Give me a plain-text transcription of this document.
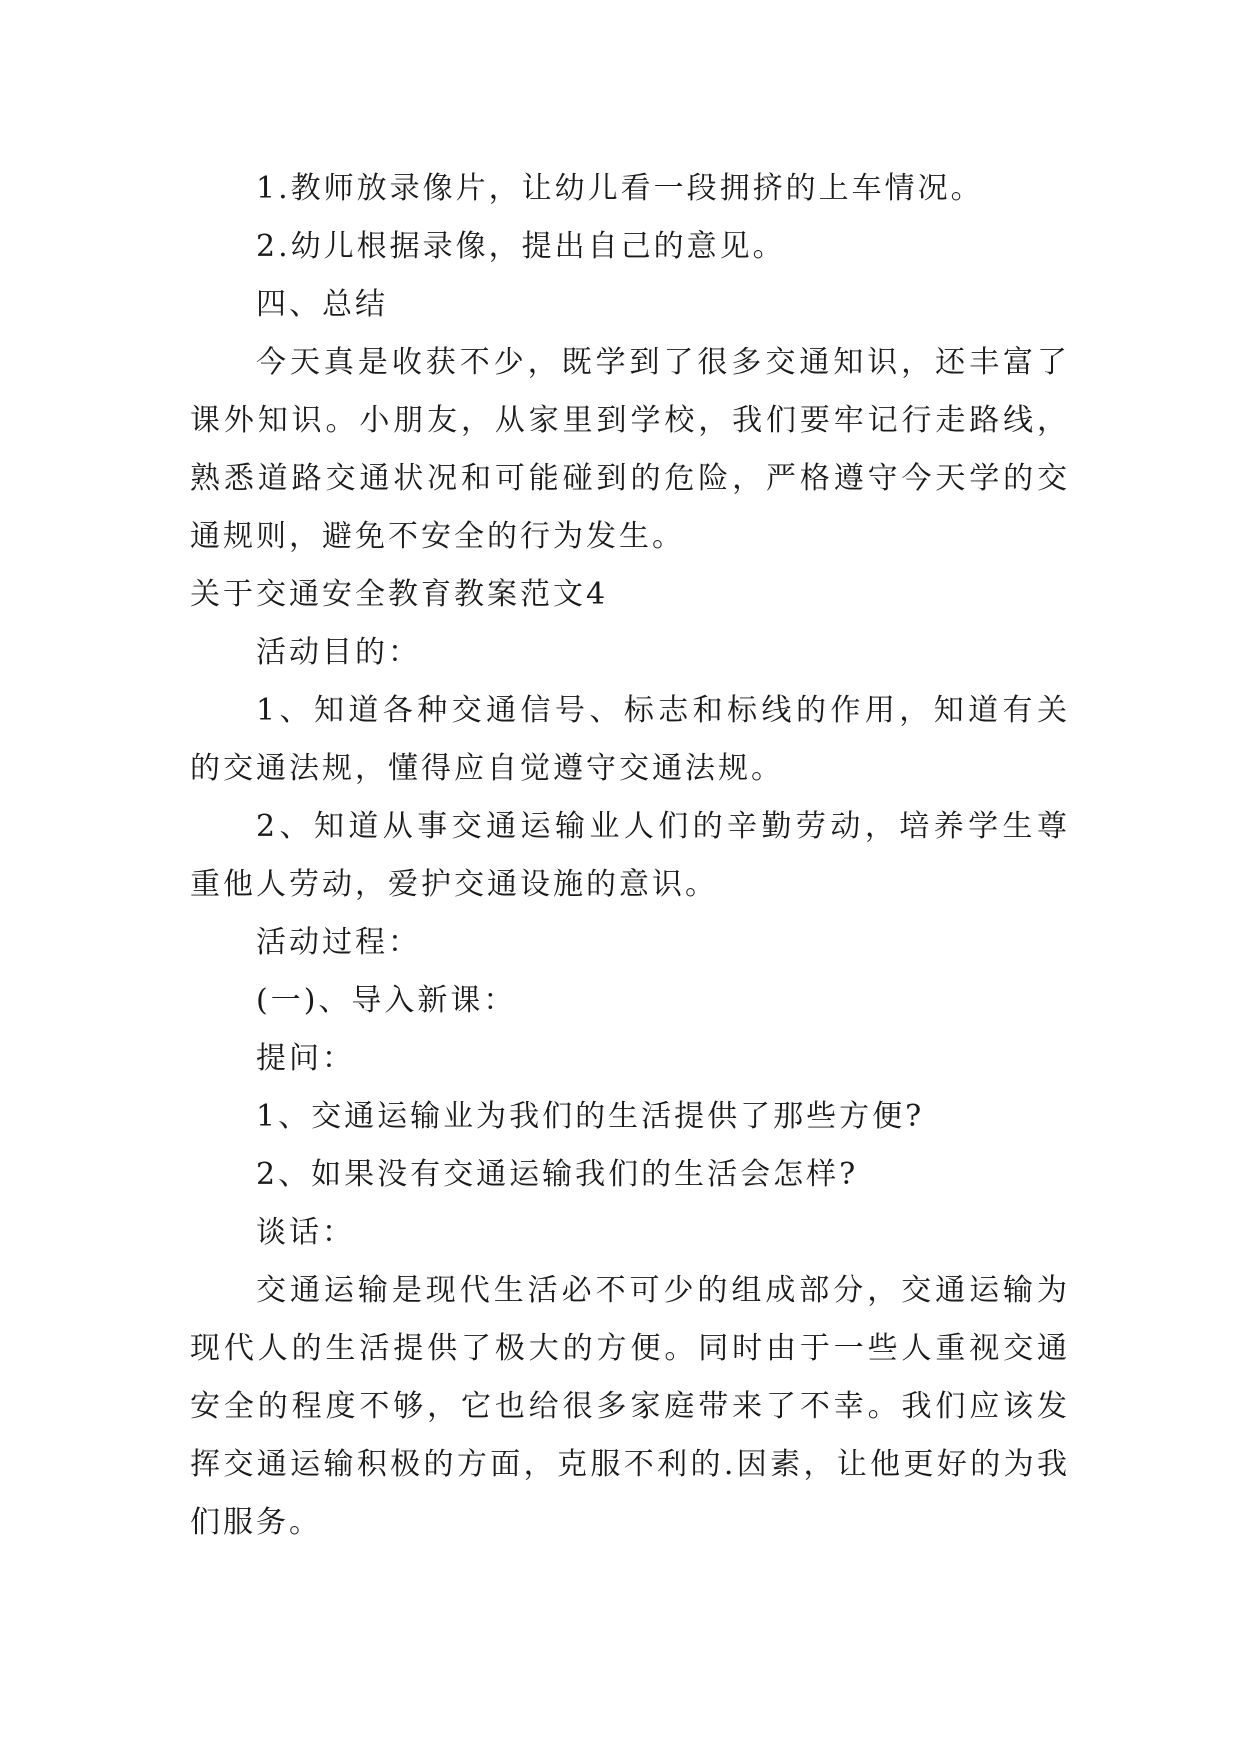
1.教师放录像片，让幼儿看一段拥挤的上车情况。

2.幼儿根据录像，提出自己的意见。

四、总结

今天真是收获不少，既学到了很多交通知识，还丰富了课外知识。小朋友，从家里到学校，我们要牢记行走路线，熟悉道路交通状况和可能碰到的危险，严格遵守今天学的交通规则，避免不安全的行为发生。

关于交通安全教育教案范文4

活动目的：

1、知道各种交通信号、标志和标线的作用，知道有关的交通法规，懂得应自觉遵守交通法规。

2、知道从事交通运输业人们的辛勤劳动，培养学生尊重他人劳动，爱护交通设施的意识。

活动过程：

(一)、导入新课：

提问：

1、交通运输业为我们的生活提供了那些方便?

2、如果没有交通运输我们的生活会怎样?

谈话：

交通运输是现代生活必不可少的组成部分，交通运输为现代人的生活提供了极大的方便。同时由于一些人重视交通安全的程度不够，它也给很多家庭带来了不幸。我们应该发挥交通运输积极的方面，克服不利的.因素，让他更好的为我们服务。
